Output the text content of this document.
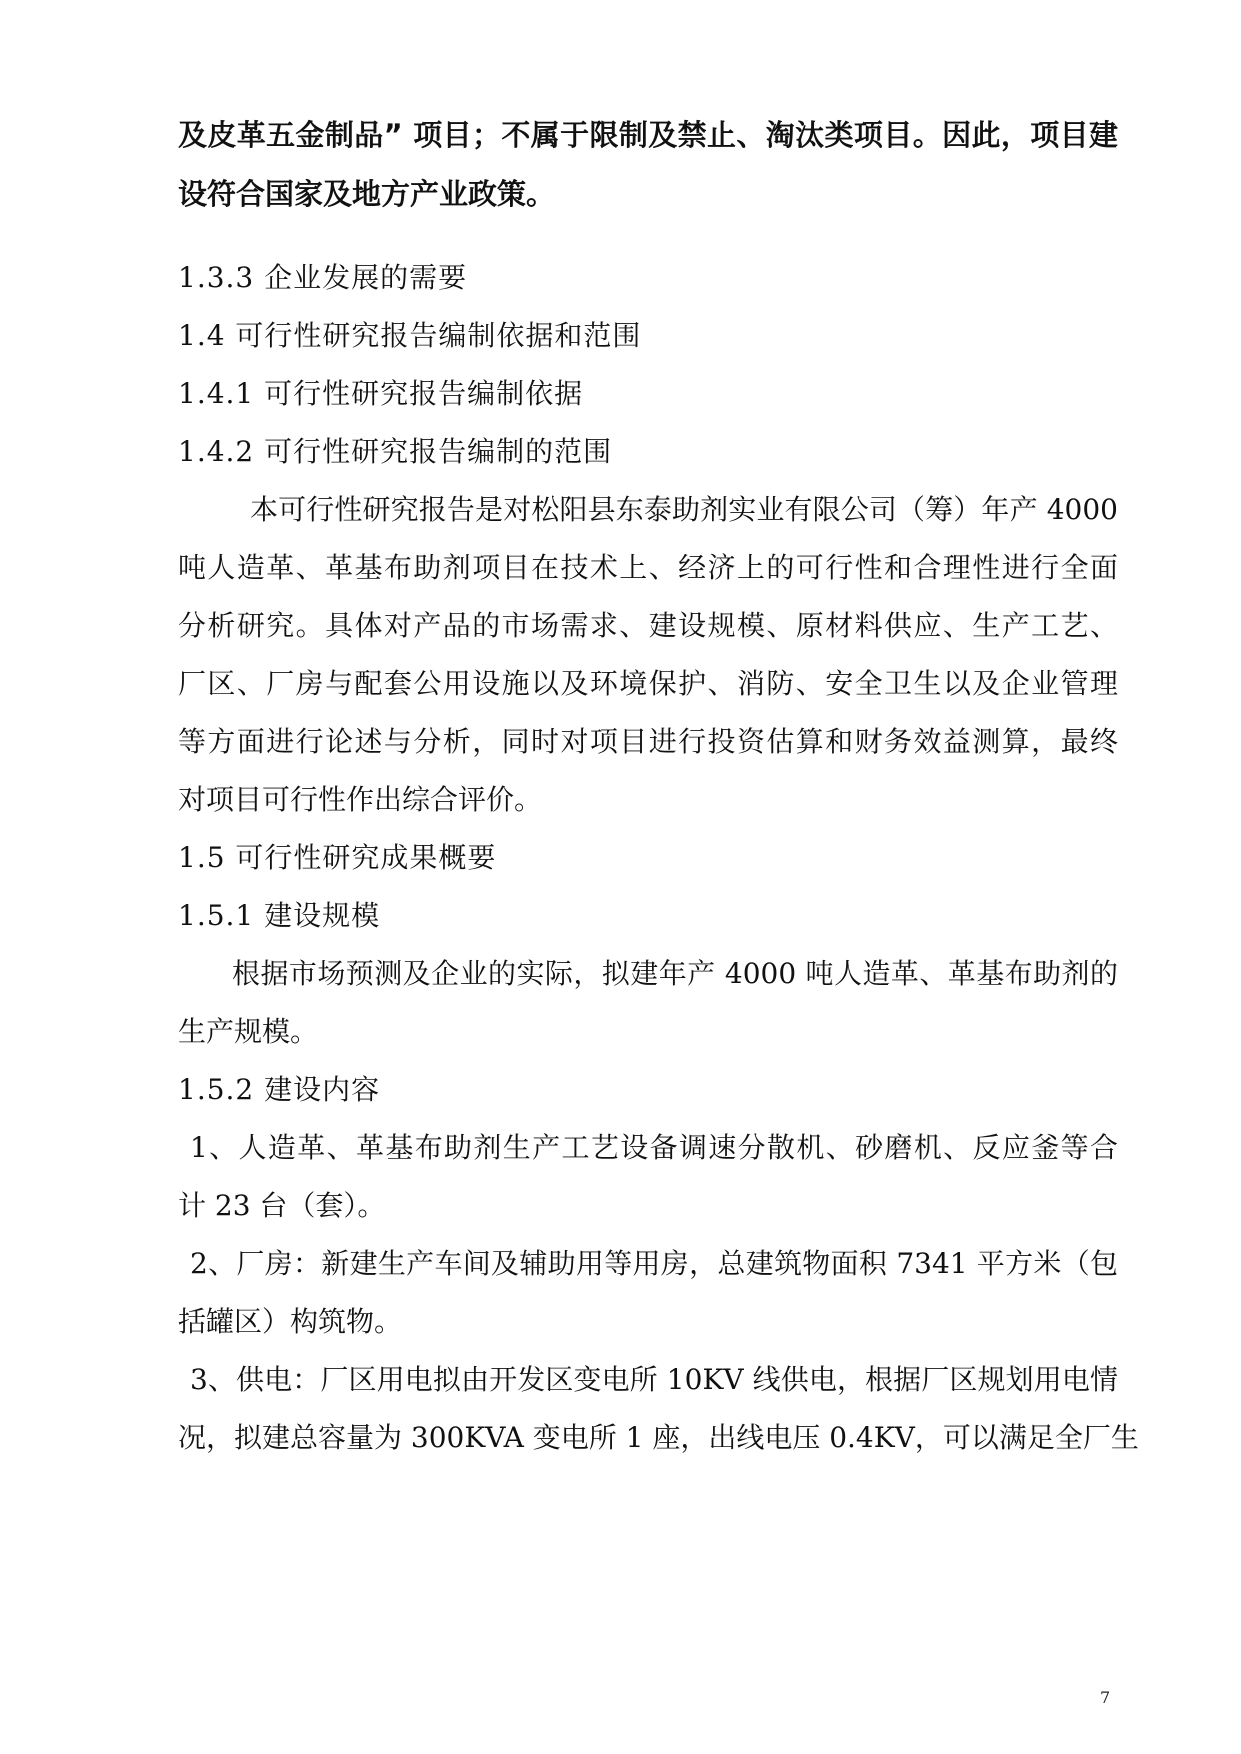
及皮革五金制品” 项目；不属于限制及禁止、淘汰类项目。因此，项目建
设符合国家及地方产业政策。
1.3.3 企业发展的需要
1.4 可行性研究报告编制依据和范围
1.4.1 可行性研究报告编制依据
1.4.2 可行性研究报告编制的范围
本可行性研究报告是对松阳县东泰助剂实业有限公司（筹）年产 4000
吨人造革、革基布助剂项目在技术上、经济上的可行性和合理性进行全面
分析研究。具体对产品的市场需求、建设规模、原材料供应、生产工艺、
厂区、厂房与配套公用设施以及环境保护、消防、安全卫生以及企业管理
等方面进行论述与分析，同时对项目进行投资估算和财务效益测算，最终
对项目可行性作出综合评价。
1.5 可行性研究成果概要
1.5.1 建设规模
根据市场预测及企业的实际，拟建年产 4000 吨人造革、革基布助剂的
生产规模。
1.5.2 建设内容
1、人造革、革基布助剂生产工艺设备调速分散机、砂磨机、反应釜等合
计 23 台（套）。
2、厂房：新建生产车间及辅助用等用房，总建筑物面积 7341 平方米（包
括罐区）构筑物。
3、供电：厂区用电拟由开发区变电所 10KV 线供电，根据厂区规划用电情
况，拟建总容量为 300KVA 变电所 1 座，出线电压 0.4KV，可以满足全厂生
7
